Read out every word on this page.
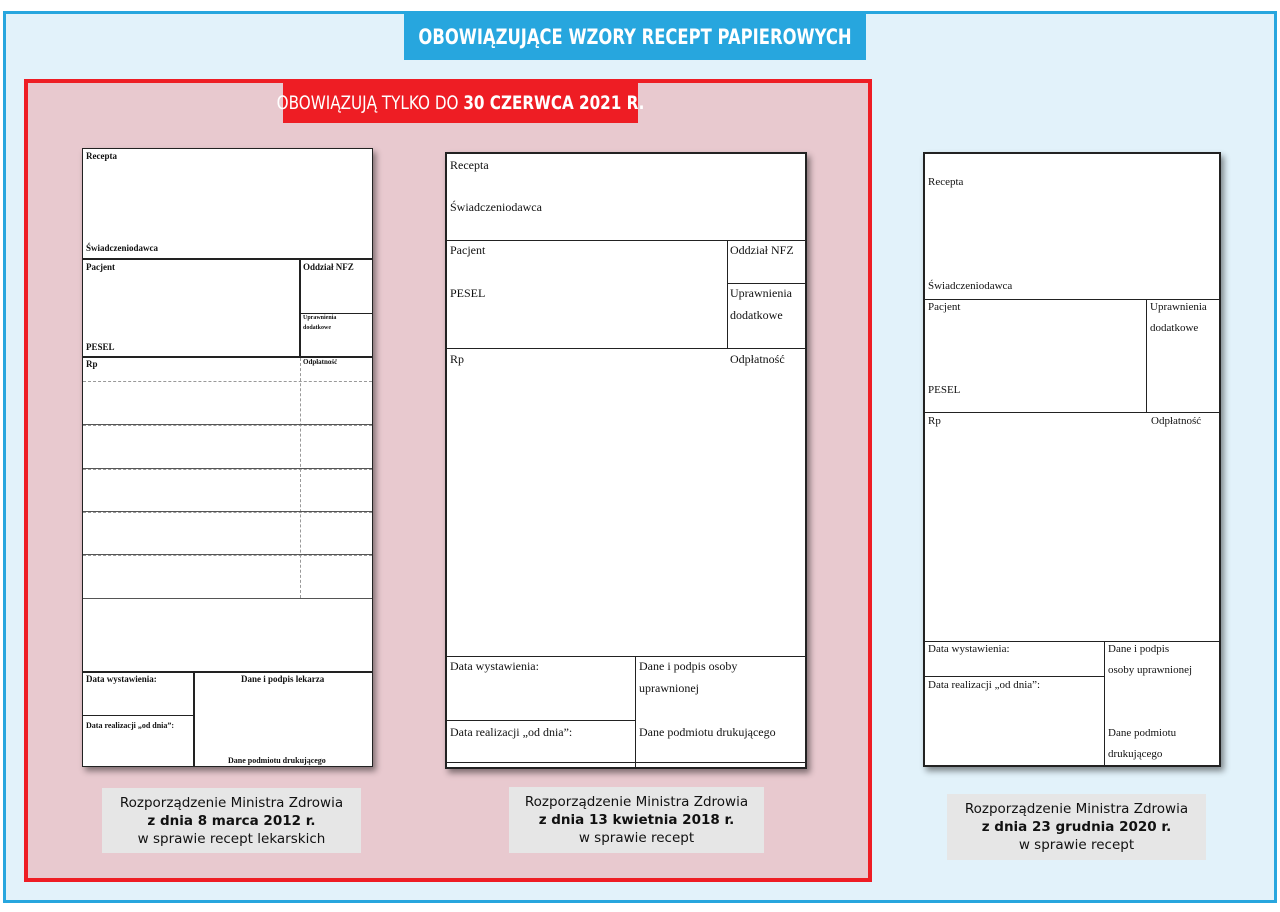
OBOWIĄZUJĄCE WZORY RECEPT PAPIEROWYCH
OBOWIĄZUJĄ TYLKO DO
30 CZERWCA 2021 R.
Recepta
Świadczeniodawca
Pacjent	Oddział NFZ
Uprawnienia dodatkowe
PESEL
Rp	Odpłatność
Data wystawienia:	Dane i podpis lekarza
Data realizacji „od dnia”:
Dane podmiotu drukującego
Recepta
Świadczeniodawca
Pacjent	Oddział NFZ
Uprawnienia
dodatkowe
PESEL
Rp	Odpłatność
Data wystawienia:	Dane i podpis osoby
uprawnionej
Data realizacji „od dnia”:	Dane podmiotu drukującego
Recepta
Świadczeniodawca
Pacjent	Uprawnienia
dodatkowe
PESEL
Rp	Odpłatność
Data wystawienia:	Dane i podpis
osoby uprawnionej
Data realizacji „od dnia”:
Dane podmiotu
drukującego
Rozporządzenie Ministra Zdrowia
z dnia 8 marca 2012 r.
w sprawie recept lekarskich
Rozporządzenie Ministra Zdrowia
z dnia 13 kwietnia 2018 r.
w sprawie recept
Rozporządzenie Ministra Zdrowia
z dnia 23 grudnia 2020 r.
w sprawie recept
